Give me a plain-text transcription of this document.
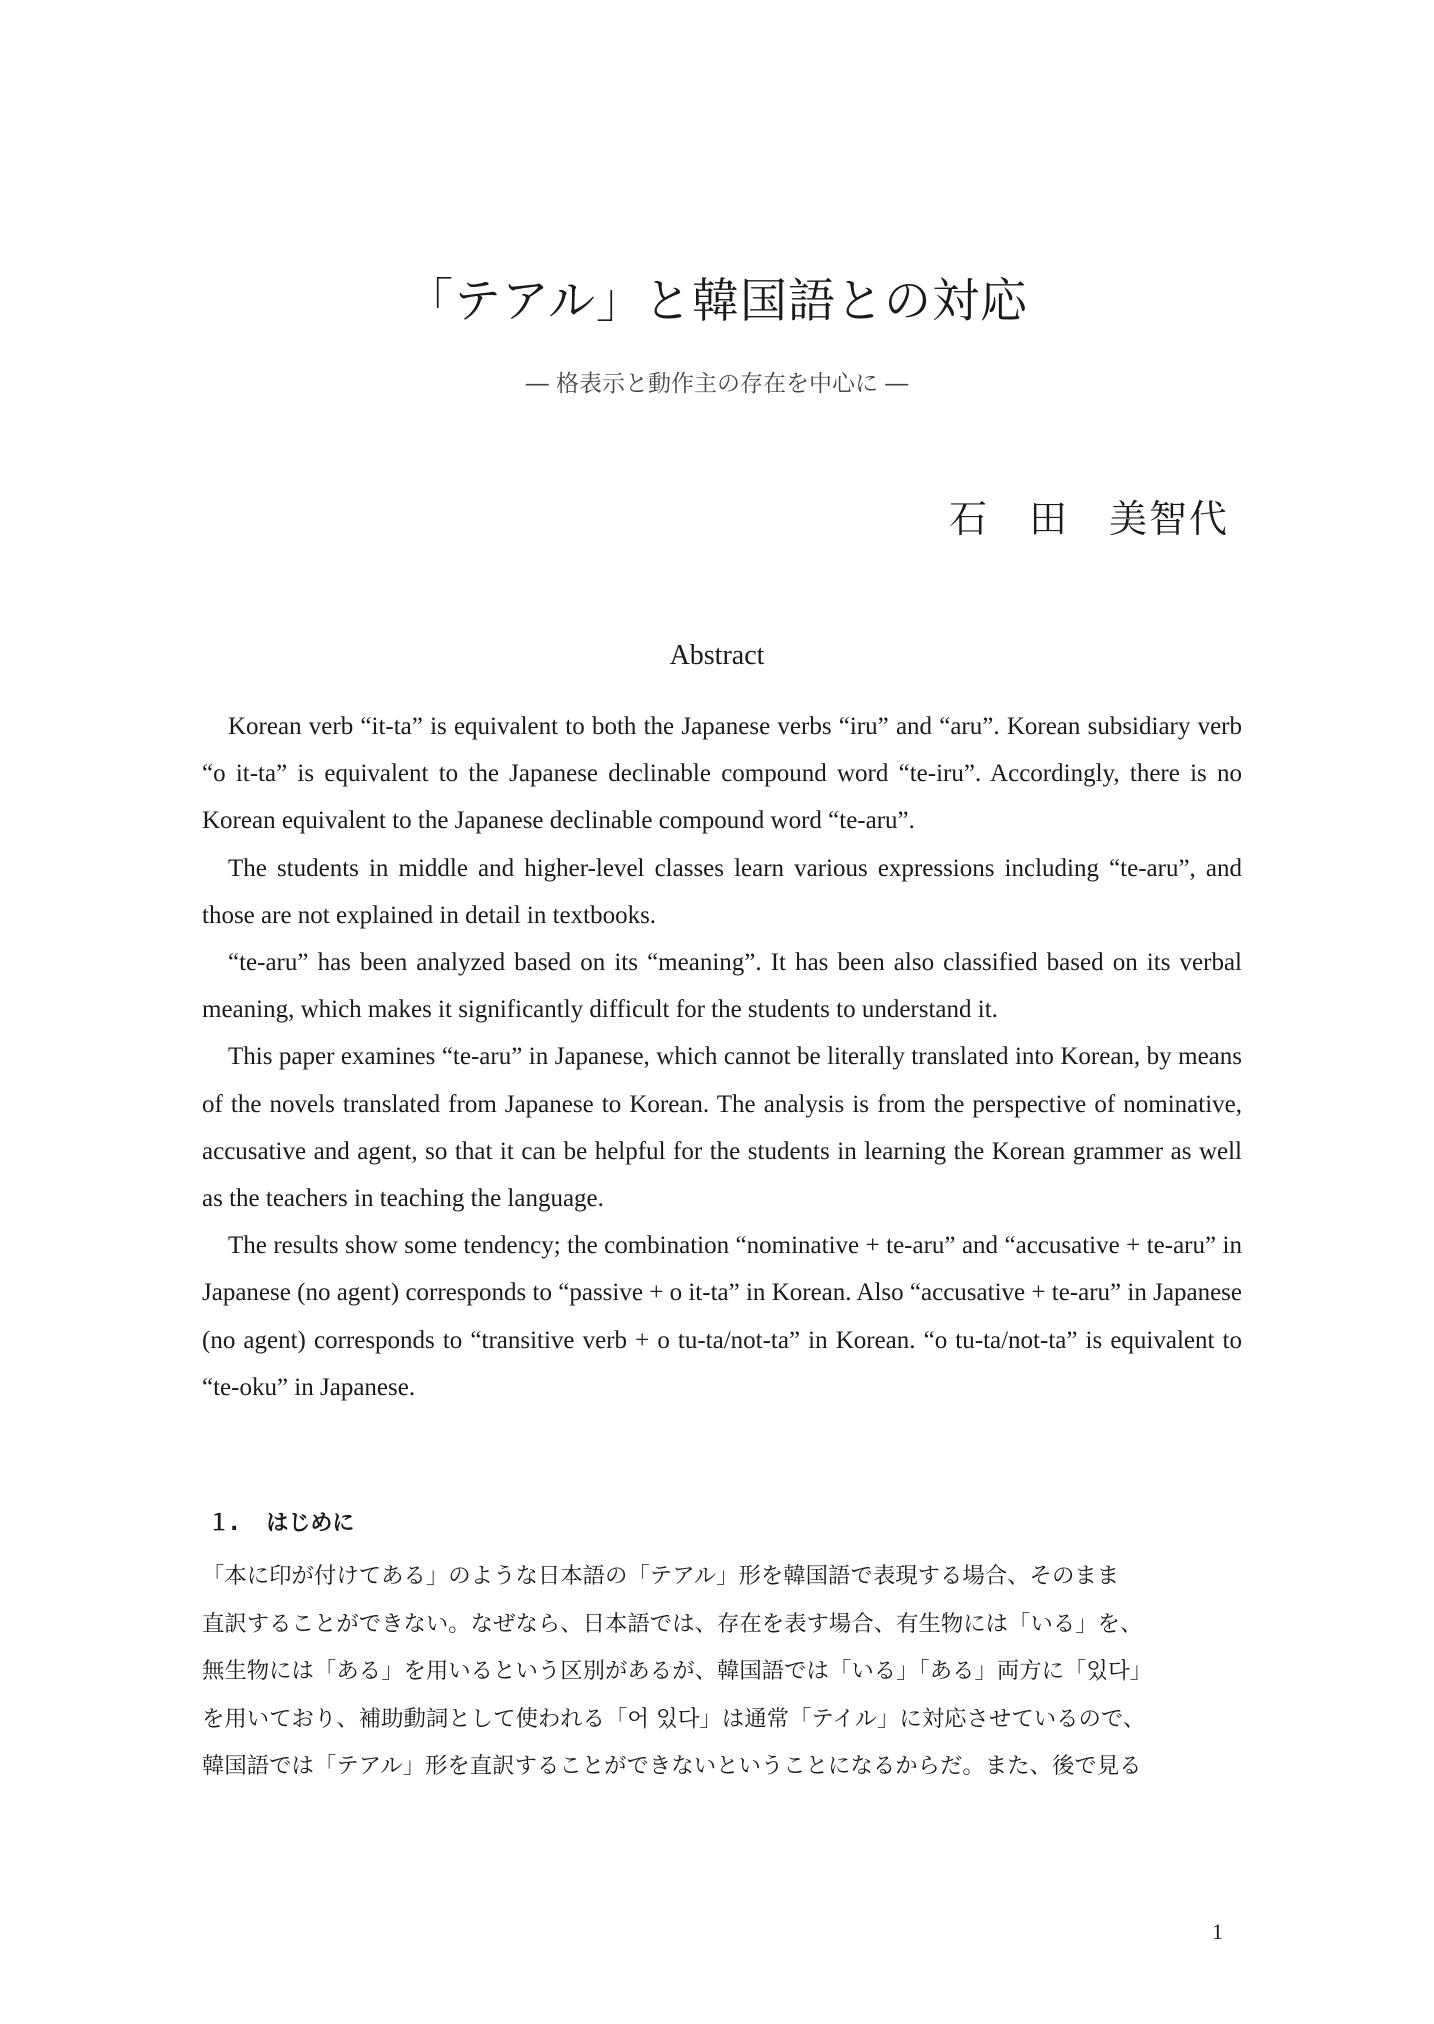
「テアル」と韓国語との対応

― 格表示と動作主の存在を中心に ―

石　田　美智代

Abstract

Korean verb “it-ta” is equivalent to both the Japanese verbs “iru” and “aru”. Korean subsidiary verb “o it-ta” is equivalent to the Japanese declinable compound word “te-iru”. Accordingly, there is no Korean equivalent to the Japanese declinable compound word “te-aru”.

The students in middle and higher-level classes learn various expressions including “te-aru”, and those are not explained in detail in textbooks.

“te-aru” has been analyzed based on its “meaning”. It has been also classified based on its verbal meaning, which makes it significantly difficult for the students to understand it.

This paper examines “te-aru” in Japanese, which cannot be literally translated into Korean, by means of the novels translated from Japanese to Korean. The analysis is from the perspective of nominative, accusative and agent, so that it can be helpful for the students in learning the Korean grammer as well as the teachers in teaching the language.

The results show some tendency; the combination “nominative + te-aru” and “accusative + te-aru” in Japanese (no agent) corresponds to “passive + o it-ta” in Korean. Also “accusative + te-aru” in Japanese (no agent) corresponds to “transitive verb + o tu-ta/not-ta” in Korean. “o tu-ta/not-ta” is equivalent to “te-oku” in Japanese.

１. はじめに
「本に印が付けてある」のような日本語の「テアル」形を韓国語で表現する場合、そのまま
直訳することができない。なぜなら、日本語では、存在を表す場合、有生物には「いる」を、
無生物には「ある」を用いるという区別があるが、韓国語では「いる」「ある」両方に「있다」
を用いており、補助動詞として使われる「어 있다」は通常「テイル」に対応させているので、
韓国語では「テアル」形を直訳することができないということになるからだ。また、後で見る

1
